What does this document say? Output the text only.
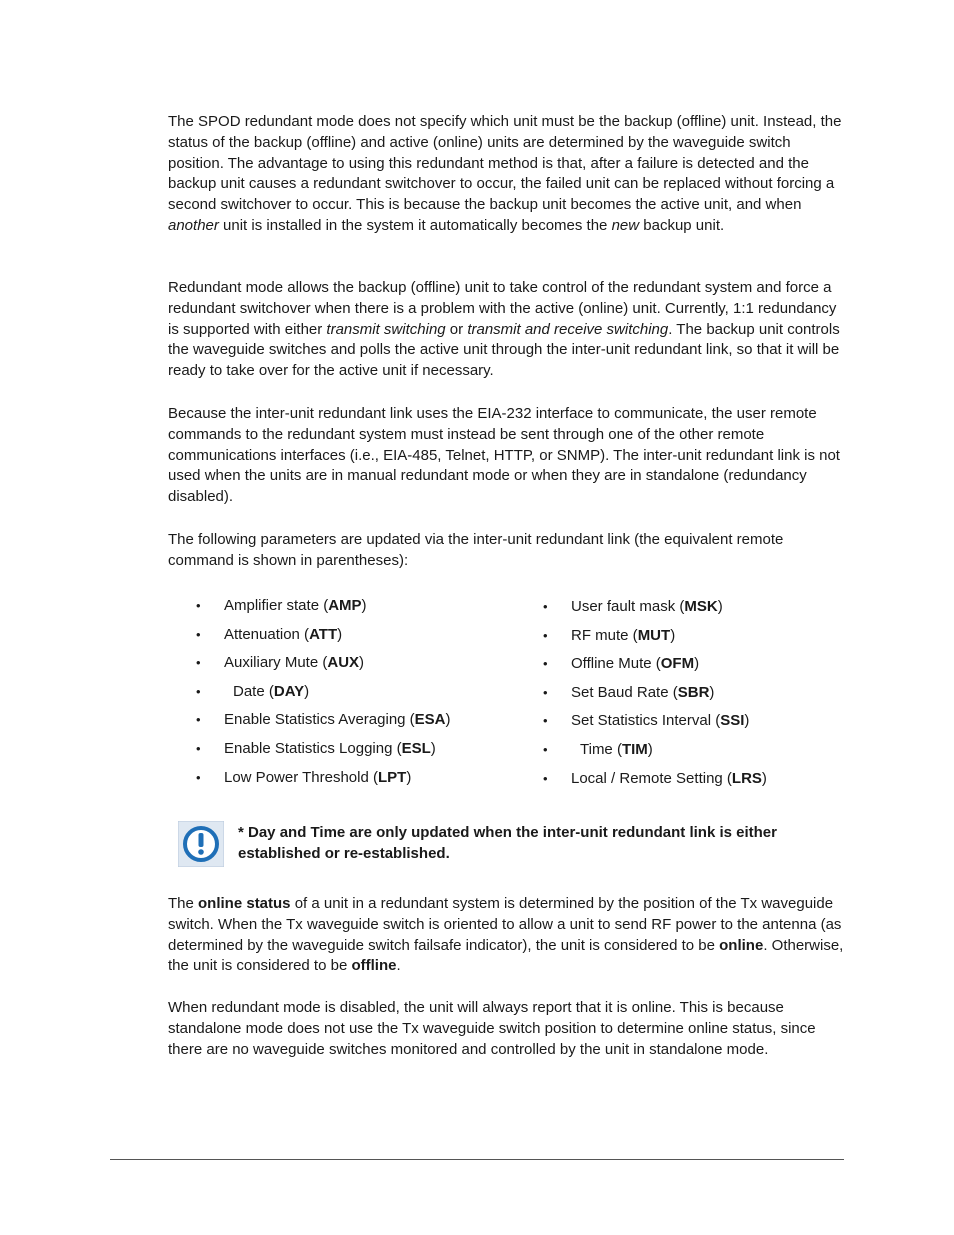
The SPOD redundant mode does not specify which unit must be the backup (offline) unit. Instead, the status of the backup (offline) and active (online) units are determined by the waveguide switch position. The advantage to using this redundant method is that, after a failure is detected and the backup unit causes a redundant switchover to occur, the failed unit can be replaced without forcing a second switchover to occur. This is because the backup unit becomes the active unit, and when another unit is installed in the system it automatically becomes the new backup unit.

Redundant mode allows the backup (offline) unit to take control of the redundant system and force a redundant switchover when there is a problem with the active (online) unit. Currently, 1:1 redundancy is supported with either transmit switching or transmit and receive switching. The backup unit controls the waveguide switches and polls the active unit through the inter-unit redundant link, so that it will be ready to take over for the active unit if necessary.

Because the inter-unit redundant link uses the EIA-232 interface to communicate, the user remote commands to the redundant system must instead be sent through one of the other remote communications interfaces (i.e., EIA-485, Telnet, HTTP, or SNMP). The inter-unit redundant link is not used when the units are in manual redundant mode or when they are in standalone (redundancy disabled).

The following parameters are updated via the inter-unit redundant link (the equivalent remote command is shown in parentheses):

• Amplifier state (AMP)
• Attenuation (ATT)
• Auxiliary Mute (AUX)
• Date (DAY)
• Enable Statistics Averaging (ESA)
• Enable Statistics Logging (ESL)
• Low Power Threshold (LPT)
• User fault mask (MSK)
• RF mute (MUT)
• Offline Mute (OFM)
• Set Baud Rate (SBR)
• Set Statistics Interval (SSI)
• Time (TIM)
• Local / Remote Setting (LRS)
* Day and Time are only updated when the inter-unit redundant link is either established or re-established.

The online status of a unit in a redundant system is determined by the position of the Tx waveguide switch. When the Tx waveguide switch is oriented to allow a unit to send RF power to the antenna (as determined by the waveguide switch failsafe indicator), the unit is considered to be online. Otherwise, the unit is considered to be offline.

When redundant mode is disabled, the unit will always report that it is online. This is because standalone mode does not use the Tx waveguide switch position to determine online status, since there are no waveguide switches monitored and controlled by the unit in standalone mode.
